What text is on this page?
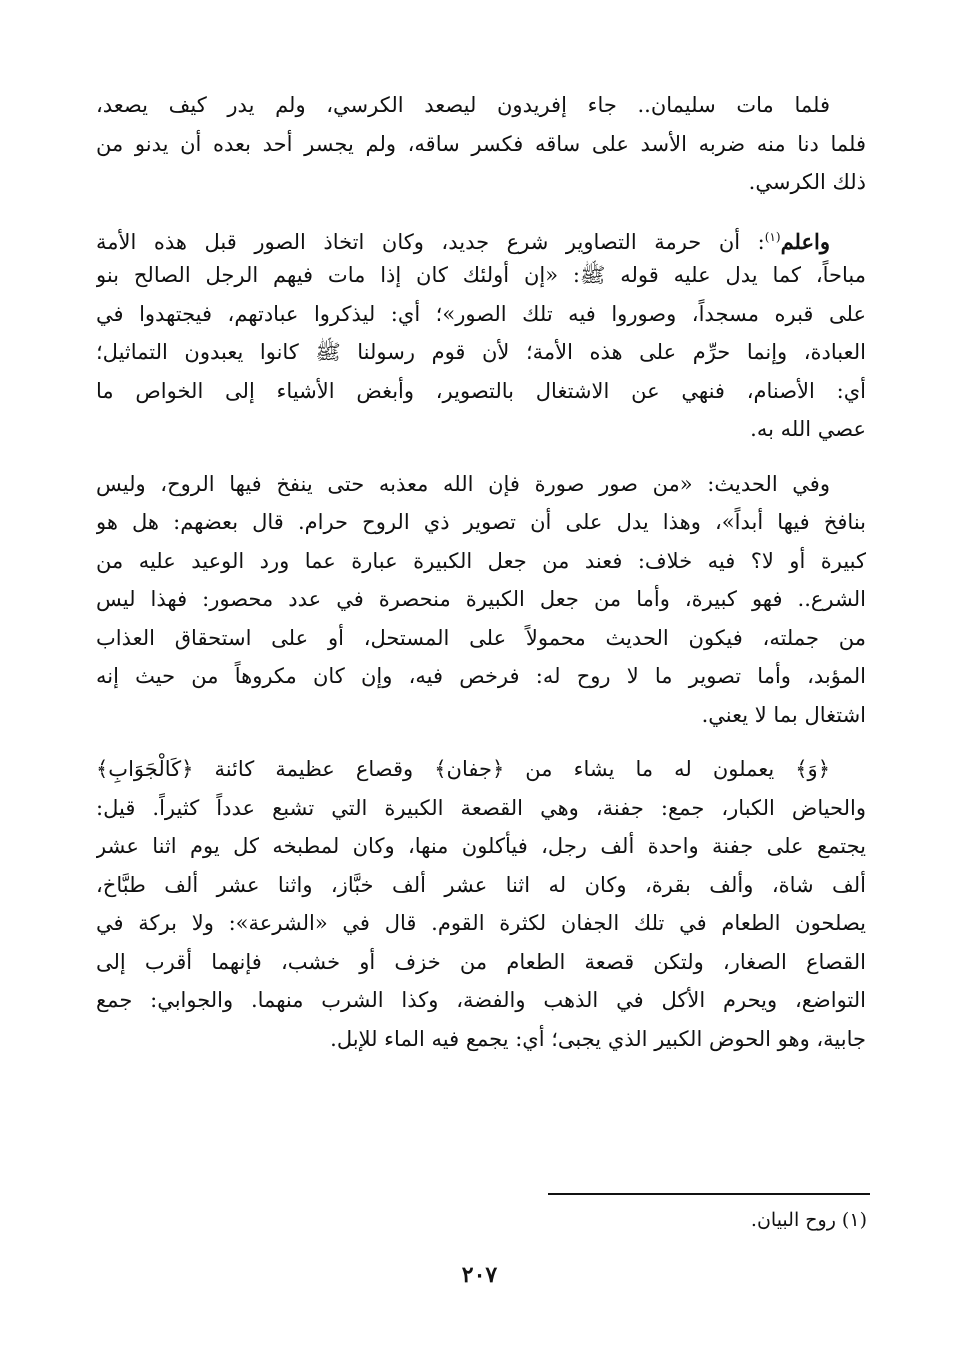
فلما مات سليمان.. جاء إفريدون ليصعد الكرسي، ولم يدر كيف يصعد،
فلما دنا منه ضربه الأسد على ساقه فكسر ساقه، ولم يجسر أحد بعده أن يدنو من
ذلك الكرسي.
واعلم$^{(١)}$: أن حرمة التصاوير شرع جديد، وكان اتخاذ الصور قبل هذه الأمة
مباحاً، كما يدل عليه قوله ﷺ: «إن أولئك كان إذا مات فيهم الرجل الصالح بنو
على قبره مسجداً، وصوروا فيه تلك الصور»؛ أي: ليذكروا عبادتهم، فيجتهدوا في
العبادة، وإنما حرِّم على هذه الأمة؛ لأن قوم رسولنا ﷺ كانوا يعبدون التماثيل؛
أي: الأصنام، فنهي عن الاشتغال بالتصوير، وأبغض الأشياء إلى الخواص ما
عصي الله به.
وفي الحديث: «من صور صورة فإن الله معذبه حتى ينفخ فيها الروح، وليس
بنافخ فيها أبداً»، وهذا يدل على أن تصوير ذي الروح حرام. قال بعضهم: هل هو
كبيرة أو لا؟ فيه خلاف: فعند من جعل الكبيرة عبارة عما ورد الوعيد عليه من
الشرع.. فهو كبيرة، وأما من جعل الكبيرة منحصرة في عدد محصور: فهذا ليس
من جملته، فيكون الحديث محمولاً على المستحل، أو على استحقاق العذاب
المؤبد، وأما تصوير ما لا روح له: فرخص فيه، وإن كان مكروهاً من حيث إنه
اشتغال بما لا يعني.
﴿وَ﴾ يعملون له ما يشاء من ﴿جفان﴾ وقصاع عظيمة كائنة ﴿كَالْجَوَابِ﴾
والحياض الكبار، جمع: جفنة، وهي القصعة الكبيرة التي تشبع عدداً كثيراً. قيل:
يجتمع على جفنة واحدة ألف رجل، فيأكلون منها، وكان لمطبخه كل يوم اثنا عشر
ألف شاة، وألف بقرة، وكان له اثنا عشر ألف خبَّاز، واثنا عشر ألف طبَّاخ،
يصلحون الطعام في تلك الجفان لكثرة القوم. قال في «الشرعة»: ولا بركة في
القصاع الصغار، ولتكن قصعة الطعام من خزف أو خشب، فإنهما أقرب إلى
التواضع، ويحرم الأكل في الذهب والفضة، وكذا الشرب منهما. والجوابي: جمع
جابية، وهو الحوض الكبير الذي يجبى؛ أي: يجمع فيه الماء للإبل.
(١) روح البيان.
٢٠٧
